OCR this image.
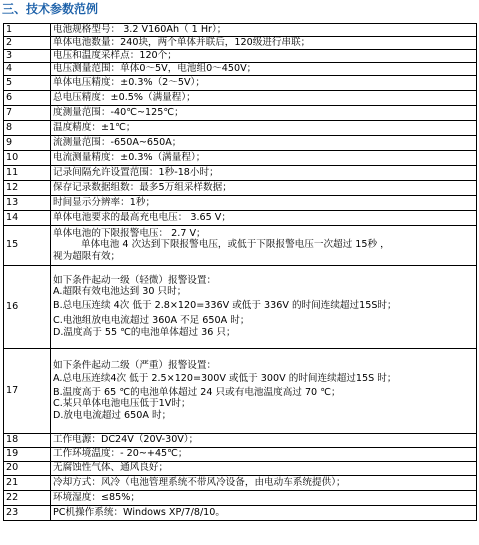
三、技术参数范例
1	电池规格型号： 3.2 V160Ah（ 1 Hr）；

2	单体电池数量：240块，两个单体并联后，120级进行串联；

3	电压和温度采样点：120个；

4	电压测量范围：单体0～5V，电池组0～450V；

5	单体电压精度：±0.3%（2～5V）；

6	总电压精度：±0.5%（满量程）；

7	度测量范围：-40℃~125℃；

8	温度精度：±1℃；

9	流测量范围：-650A~650A；

10	电流测量精度：±0.3%（满量程）；

11	记录间隔允许设置范围：1秒-18小时；

12	保存记录数据组数：最多5万组采样数据；

13	时间显示分辨率：1秒；

14	单体电池要求的最高充电电压： 3.65 V；

15	单体电池的下限报警电压： 2.7 V；
单体电池 4 次达到下限报警电压，或低于下限报警电压一次超过 15秒 ，
视为超限有效；

16	如下条件起动一级（轻微）报警设置：
A.超限有效电池达到 30 只时；
B.总电压连续 4次 低于 2.8×120=336V 或低于 336V 的时间连续超过15S时；
C.电池组放电电流超过 360A 不足 650A 时；
D.温度高于 55 ℃的电池单体超过 36 只；

17	如下条件起动二级（严重）报警设置：
A.总电压连续4次 低于 2.5×120=300V 或低于 300V 的时间连续超过15S 时；
B.温度高于 65 ℃的电池单体超过 24 只或有电池温度高过 70 ℃；
C.某只单体电池电压低于1V时；
D.放电电流超过 650A 时；

18	工作电源：DC24V（20V-30V）；

19	工作环境温度：- 20~+45℃；

20	无腐蚀性气体、通风良好；

21	冷却方式：风冷（电池管理系统不带风冷设备，由电动车系统提供）；

22	环境湿度：≤85%；

23	PC机操作系统：Windows XP/7/8/10。
